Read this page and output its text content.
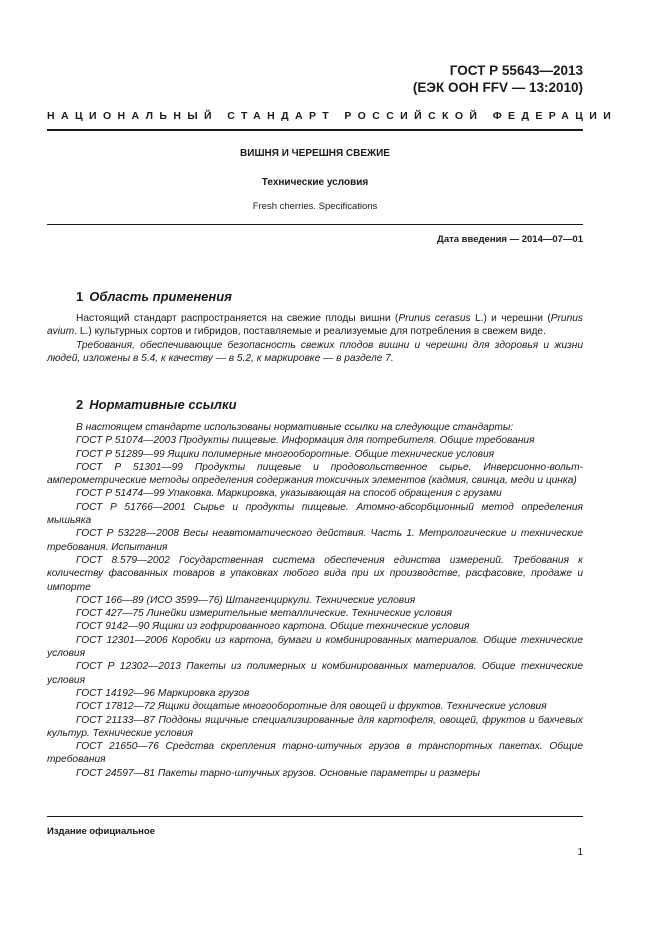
ГОСТ Р 55643—2013
(ЕЭК ООН FFV — 13:2010)
НАЦИОНАЛЬНЫЙ СТАНДАРТ РОССИЙСКОЙ ФЕДЕРАЦИИ
ВИШНЯ И ЧЕРЕШНЯ СВЕЖИЕ
Технические условия
Fresh cherries. Specifications
Дата введения — 2014—07—01
1 Область применения

Настоящий стандарт распространяется на свежие плоды вишни (Prunus cerasus L.) и черешни (Prunus avium. L.) культурных сортов и гибридов, поставляемые и реализуемые для потребления в свежем виде.

Требования, обеспечивающие безопасность свежих плодов вишни и черешни для здоровья и жизни людей, изложены в 5.4, к качеству — в 5.2, к маркировке — в разделе 7.

2 Нормативные ссылки

В настоящем стандарте использованы нормативные ссылки на следующие стандарты:

ГОСТ Р 51074—2003 Продукты пищевые. Информация для потребителя. Общие требования

ГОСТ Р 51289—99 Ящики полимерные многооборотные. Общие технические условия

ГОСТ Р 51301—99 Продукты пищевые и продовольственное сырье. Инверсионно-вольт-амперометрические методы определения содержания токсичных элементов (кадмия, свинца, меди и цинка)

ГОСТ Р 51474—99 Упаковка. Маркировка, указывающая на способ обращения с грузами

ГОСТ Р 51766—2001 Сырье и продукты пищевые. Атомно-абсорбционный метод определения мышьяка

ГОСТ Р 53228—2008 Весы неавтоматического действия. Часть 1. Метрологические и технические требования. Испытания

ГОСТ 8.579—2002 Государственная система обеспечения единства измерений. Требования к количеству фасованных товаров в упаковках любого вида при их производстве, расфасовке, продаже и импорте

ГОСТ 166—89 (ИСО 3599—76) Штангенциркули. Технические условия

ГОСТ 427—75 Линейки измерительные металлические. Технические условия

ГОСТ 9142—90 Ящики из гофрированного картона. Общие технические условия

ГОСТ 12301—2006 Коробки из картона, бумаги и комбинированных материалов. Общие технические условия

ГОСТ Р 12302—2013 Пакеты из полимерных и комбинированных материалов. Общие технические условия

ГОСТ 14192—96 Маркировка грузов

ГОСТ 17812—72 Ящики дощатые многооборотные для овощей и фруктов. Технические условия

ГОСТ 21133—87 Поддоны ящичные специализированные для картофеля, овощей, фруктов и бахчевых культур. Технические условия

ГОСТ 21650—76 Средства скрепления тарно-штучных грузов в транспортных пакетах. Общие требования

ГОСТ 24597—81 Пакеты тарно-штучных грузов. Основные параметры и размеры

Издание официальное
1
